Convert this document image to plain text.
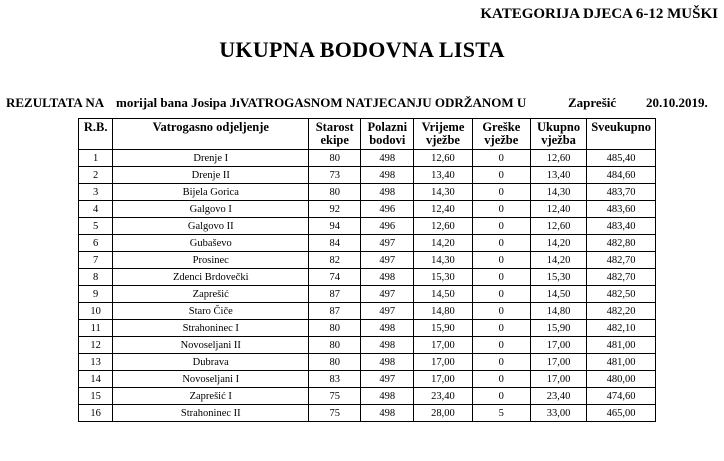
KATEGORIJA DJECA 6-12 MUŠKI
UKUPNA BODOVNA LISTA
REZULTATA NA morijal bana Josipa JıVATROGASNOM NATJECANJU ODRŽANOM U	Zaprešić 20.10.2019.
R.B.	Vatrogasno odjeljenje	Starost ekipe	Polazni bodovi	Vrijeme vježbe	Greške vježbe	Ukupno vježba	Sveukupno
1	Drenje I	80	498	12,60	0	12,60	485,40
2	Drenje II	73	498	13,40	0	13,40	484,60
3	Bijela Gorica	80	498	14,30	0	14,30	483,70
4	Galgovo I	92	496	12,40	0	12,40	483,60
5	Galgovo II	94	496	12,60	0	12,60	483,40
6	Gubaševo	84	497	14,20	0	14,20	482,80
7	Prosinec	82	497	14,30	0	14,20	482,70
8	Zdenci Brdovečki	74	498	15,30	0	15,30	482,70
9	Zaprešić	87	497	14,50	0	14,50	482,50
10	Staro Čiče	87	497	14,80	0	14,80	482,20
11	Strahoninec I	80	498	15,90	0	15,90	482,10
12	Novoseljani II	80	498	17,00	0	17,00	481,00
13	Dubrava	80	498	17,00	0	17,00	481,00
14	Novoseljani I	83	497	17,00	0	17,00	480,00
15	Zaprešić I	75	498	23,40	0	23,40	474,60
16	Strahoninec II	75	498	28,00	5	33,00	465,00
